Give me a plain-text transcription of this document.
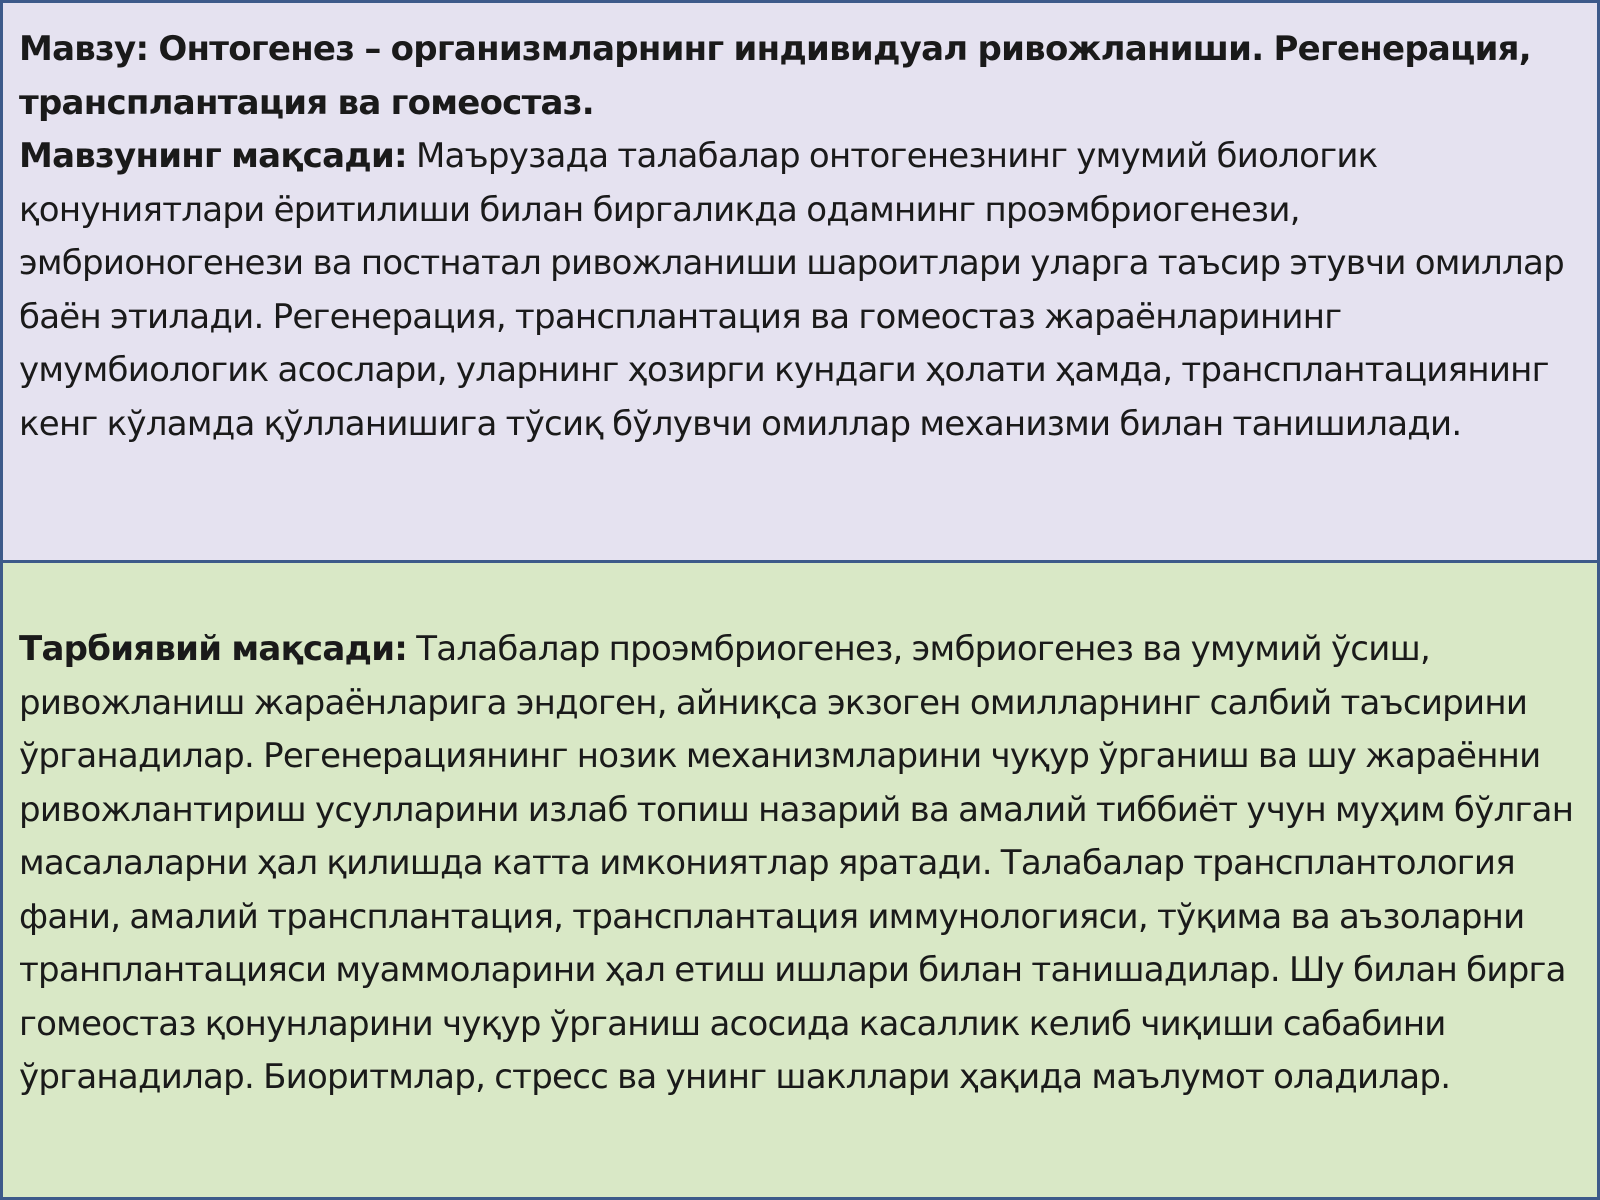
Мавзу: Онтогенез – организмларнинг индивидуал ривожланиши. Регенерация, трансплантация ва гомеостаз.

Мавзунинг мақсади: Маърузада талабалар онтогенезнинг умумий биологик қонуниятлари ёритилиши билан биргаликда одамнинг проэмбриогенези, эмбрионогенези ва постнатал ривожланиши шароитлари уларга таъсир этувчи омиллар баён этилади. Регенерация, трансплантация ва гомеостаз жараёнларининг умумбиологик асослари, уларнинг ҳозирги кундаги ҳолати ҳамда, трансплантациянинг кенг кўламда қўлланишига тўсиқ бўлувчи омиллар механизми билан танишилади.

Тарбиявий мақсади: Талабалар проэмбриогенез, эмбриогенез ва умумий ўсиш, ривожланиш жараёнларига эндоген, айниқса экзоген омилларнинг салбий таъсирини ўрганадилар. Регенерациянинг нозик механизмларини чуқур ўрганиш ва шу жараённи ривожлантириш усулларини излаб топиш назарий ва амалий тиббиёт учун муҳим бўлган масалаларни ҳал қилишда катта имкониятлар яратади. Талабалар трансплантология фани, амалий трансплантация, трансплантация иммунологияси, тўқима ва аъзоларни транплантацияси муаммоларини ҳал етиш ишлари билан танишадилар. Шу билан бирга гомеостаз қонунларини чуқур ўрганиш асосида касаллик келиб чиқиши сабабини ўрганадилар. Биоритмлар, стресс ва унинг шакллари ҳақида маълумот оладилар.
